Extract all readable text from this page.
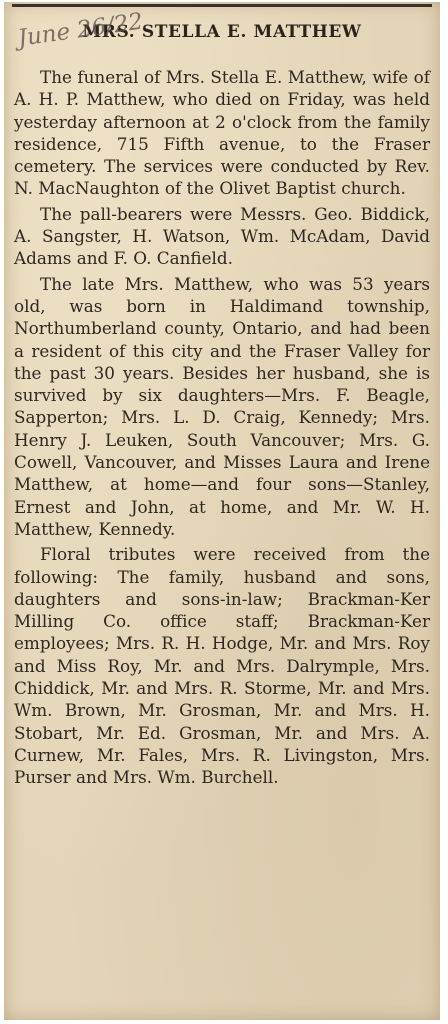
MRS. STELLA E. MATTHEW
June 26/22

The funeral of Mrs. Stella E. Matthew, wife of A. H. P. Matthew, who died on Friday, was held yesterday afternoon at 2 o'clock from the family residence, 715 Fifth avenue, to the Fraser cemetery. The services were conducted by Rev. N. MacNaughton of the Olivet Baptist church.

The pall-bearers were Messrs. Geo. Biddick, A. Sangster, H. Watson, Wm. McAdam, David Adams and F. O. Canfield.

The late Mrs. Matthew, who was 53 years old, was born in Haldimand township, Northumberland county, Ontario, and had been a resident of this city and the Fraser Valley for the past 30 years. Besides her husband, she is survived by six daughters—Mrs. F. Beagle, Sapperton; Mrs. L. D. Craig, Kennedy; Mrs. Henry J. Leuken, South Vancouver; Mrs. G. Cowell, Vancouver, and Misses Laura and Irene Matthew, at home—and four sons—Stanley, Ernest and John, at home, and Mr. W. H. Matthew, Kennedy.

Floral tributes were received from the following: The family, husband and sons, daughters and sons-in-law; Brackman-Ker Milling Co. office staff; Brackman-Ker employees; Mrs. R. H. Hodge, Mr. and Mrs. Roy and Miss Roy, Mr. and Mrs. Dalrymple, Mrs. Chiddick, Mr. and Mrs. R. Storme, Mr. and Mrs. Wm. Brown, Mr. Grosman, Mr. and Mrs. H. Stobart, Mr. Ed. Grosman, Mr. and Mrs. A. Curnew, Mr. Fales, Mrs. R. Livingston, Mrs. Purser and Mrs. Wm. Burchell.
